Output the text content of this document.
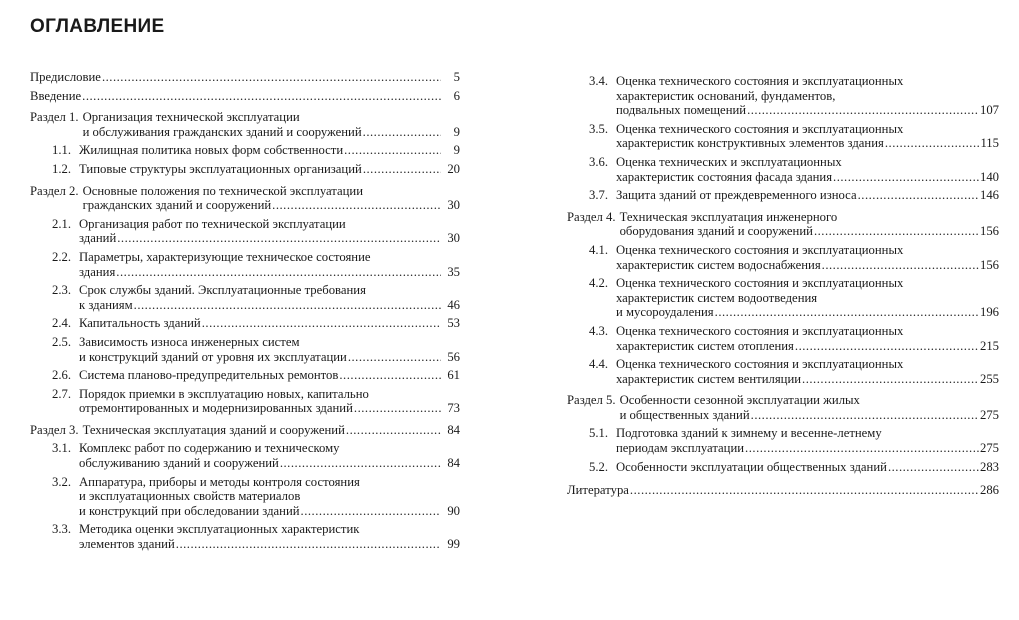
ОГЛАВЛЕНИЕ
Предисловие .....	5
Введение .....	6
Раздел 1. Организация технической эксплуатации
и обслуживания гражданских зданий и сооружений .....	9
1.1. Жилищная политика новых форм собственности .....	9
1.2. Типовые структуры эксплуатационных организаций .....	20
Раздел 2. Основные положения по технической эксплуатации
гражданских зданий и сооружений .....	30
2.1. Организация работ по технической эксплуатации
зданий .....	30
2.2. Параметры, характеризующие техническое состояние
здания .....	35
2.3. Срок службы зданий. Эксплуатационные требования
к зданиям .....	46
2.4. Капитальность зданий .....	53
2.5. Зависимость износа инженерных систем
и конструкций зданий от уровня их эксплуатации .....	56
2.6. Система планово-предупредительных ремонтов .....	61
2.7. Порядок приемки в эксплуатацию новых, капитально
отремонтированных и модернизированных зданий .....	73
Раздел 3. Техническая эксплуатация зданий и сооружений .....	84
3.1. Комплекс работ по содержанию и техническому
обслуживанию зданий и сооружений .....	84
3.2. Аппаратура, приборы и методы контроля состояния
и эксплуатационных свойств материалов
и конструкций при обследовании зданий .....	90
3.3. Методика оценки эксплуатационных характеристик
элементов зданий .....	99
3.4. Оценка технического состояния и эксплуатационных
характеристик оснований, фундаментов,
подвальных помещений .....	107
3.5. Оценка технического состояния и эксплуатационных
характеристик конструктивных элементов здания .....	115
3.6. Оценка технических и эксплуатационных
характеристик состояния фасада здания .....	140
3.7. Защита зданий от преждевременного износа .....	146
Раздел 4. Техническая эксплуатация инженерного
оборудования зданий и сооружений .....	156
4.1. Оценка технического состояния и эксплуатационных
характеристик систем водоснабжения .....	156
4.2. Оценка технического состояния и эксплуатационных
характеристик систем водоотведения
и мусороудаления .....	196
4.3. Оценка технического состояния и эксплуатационных
характеристик систем отопления .....	215
4.4. Оценка технического состояния и эксплуатационных
характеристик систем вентиляции .....	255
Раздел 5. Особенности сезонной эксплуатации жилых
и общественных зданий .....	275
5.1. Подготовка зданий к зимнему и весенне-летнему
периодам эксплуатации .....	275
5.2. Особенности эксплуатации общественных зданий .....	283
Литература .....	286
